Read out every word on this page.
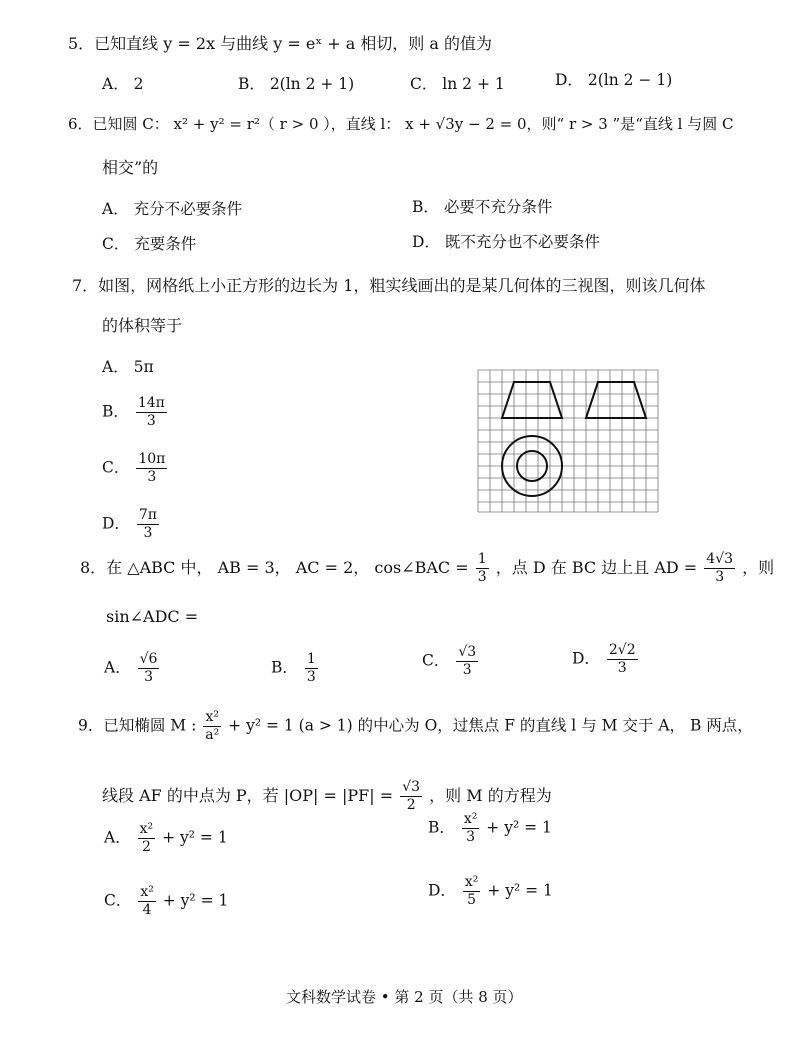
5．已知直线 y = 2x 与曲线 y = eˣ + a 相切，则 a 的值为
A． 2	B． 2(ln 2 + 1)	C． ln 2 + 1	D． 2(ln 2 − 1)
6．已知圆 C： x² + y² = r²（ r > 0 ），直线 l： x + √3y − 2 = 0，则“ r > 3 ”是“直线 l 与圆 C
相交”的
A． 充分不必要条件	B． 必要不充分条件
C． 充要条件	D． 既不充分也不必要条件
7．如图，网格纸上小正方形的边长为 1，粗实线画出的是某几何体的三视图，则该几何体
的体积等于
A． 5π
B． $\frac{14\pi}{3}$
C． $\frac{10\pi}{3}$
D． $\frac{7\pi}{3}$
8．在 △ABC 中， AB = 3， AC = 2， cos∠BAC = $\frac{1}{3}$ ，点 D 在 BC 边上且 AD = $\frac{4√3}{3}$ ，则
sin∠ADC =
A． $\frac{√6}{3}$	B． $\frac{1}{3}$	C． $\frac{√3}{3}$	D． $\frac{2√2}{3}$
9．已知椭圆 M : $\frac{\text{x²}}{\text{a²}} + y^2 = 1$ (a > 1) 的中心为 O，过焦点 F 的直线 l 与 M 交于 A， B 两点，
线段 AF 的中点为 P，若 $|OP| = |PF| = \frac{√3}{2}$ ，则 M 的方程为
A． $\frac{\text{x²}}{2} + y^2 = 1$
B． $\frac{\text{x²}}{3} + y^2 = 1$
C． $\frac{\text{x²}}{4} + y^2 = 1$
D． $\frac{\text{x²}}{5} + y^2 = 1$
文科数学试卷 • 第 2 页（共 8 页）
